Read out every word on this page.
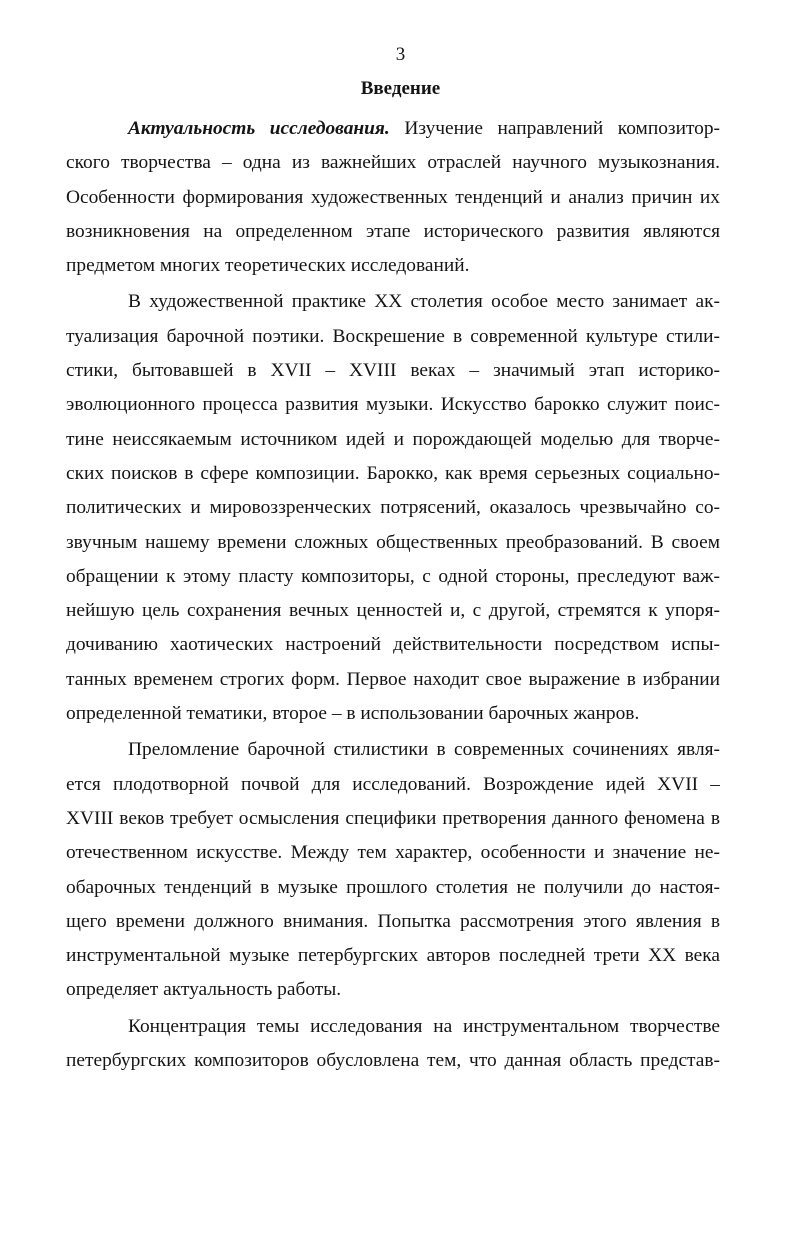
3
Введение
Актуальность исследования. Изучение направлений композитор-
ского творчества – одна из важнейших отраслей научного музыкознания.
Особенности формирования художественных тенденций и анализ причин их
возникновения на определенном этапе исторического развития являются
предметом многих теоретических исследований.
В художественной практике XX столетия особое место занимает ак-
туализация барочной поэтики. Воскрешение в современной культуре стили-
стики, бытовавшей в XVII – XVIII веках – значимый этап историко-
эволюционного процесса развития музыки. Искусство барокко служит поис-
тине неиссякаемым источником идей и порождающей моделью для творче-
ских поисков в сфере композиции. Барокко, как время серьезных социально-
политических и мировоззренческих потрясений, оказалось чрезвычайно со-
звучным нашему времени сложных общественных преобразований. В своем
обращении к этому пласту композиторы, с одной стороны, преследуют важ-
нейшую цель сохранения вечных ценностей и, с другой, стремятся к упоря-
дочиванию хаотических настроений действительности посредством испы-
танных временем строгих форм. Первое находит свое выражение в избрании
определенной тематики, второе – в использовании барочных жанров.
Преломление барочной стилистики в современных сочинениях явля-
ется плодотворной почвой для исследований. Возрождение идей XVII –
XVIII веков требует осмысления специфики претворения данного феномена в
отечественном искусстве. Между тем характер, особенности и значение не-
обарочных тенденций в музыке прошлого столетия не получили до настоя-
щего времени должного внимания. Попытка рассмотрения этого явления в
инструментальной музыке петербургских авторов последней трети XX века
определяет актуальность работы.
Концентрация темы исследования на инструментальном творчестве
петербургских композиторов обусловлена тем, что данная область представ-
